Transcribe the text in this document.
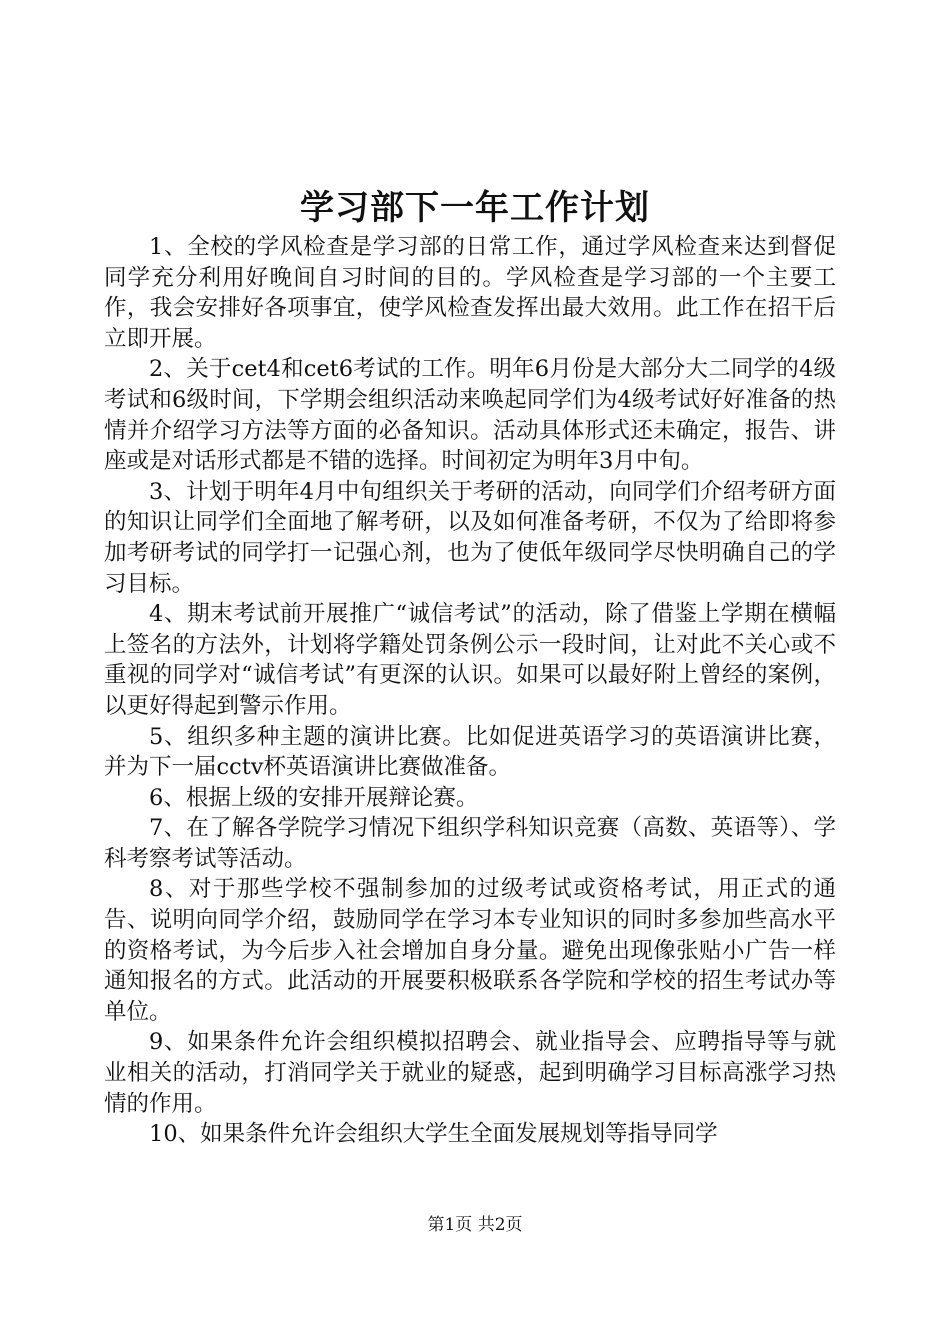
学习部下一年工作计划

1、全校的学风检查是学习部的日常工作，通过学风检查来达到督促同学充分利用好晚间自习时间的目的。学风检查是学习部的一个主要工作，我会安排好各项事宜，使学风检查发挥出最大效用。此工作在招干后立即开展。

2、关于cet4和cet6考试的工作。明年6月份是大部分大二同学的4级考试和6级时间，下学期会组织活动来唤起同学们为4级考试好好准备的热情并介绍学习方法等方面的必备知识。活动具体形式还未确定，报告、讲座或是对话形式都是不错的选择。时间初定为明年3月中旬。

3、计划于明年4月中旬组织关于考研的活动，向同学们介绍考研方面的知识让同学们全面地了解考研，以及如何准备考研，不仅为了给即将参加考研考试的同学打一记强心剂，也为了使低年级同学尽快明确自己的学习目标。

4、期末考试前开展推广“诚信考试”的活动，除了借鉴上学期在横幅上签名的方法外，计划将学籍处罚条例公示一段时间，让对此不关心或不重视的同学对“诚信考试”有更深的认识。如果可以最好附上曾经的案例，以更好得起到警示作用。

5、组织多种主题的演讲比赛。比如促进英语学习的英语演讲比赛，并为下一届cctv杯英语演讲比赛做准备。

6、根据上级的安排开展辩论赛。

7、在了解各学院学习情况下组织学科知识竞赛（高数、英语等）、学科考察考试等活动。

8、对于那些学校不强制参加的过级考试或资格考试，用正式的通告、说明向同学介绍，鼓励同学在学习本专业知识的同时多参加些高水平的资格考试，为今后步入社会增加自身分量。避免出现像张贴小广告一样通知报名的方式。此活动的开展要积极联系各学院和学校的招生考试办等单位。

9、如果条件允许会组织模拟招聘会、就业指导会、应聘指导等与就业相关的活动，打消同学关于就业的疑惑，起到明确学习目标高涨学习热情的作用。

10、如果条件允许会组织大学生全面发展规划等指导同学

第1页 共2页
